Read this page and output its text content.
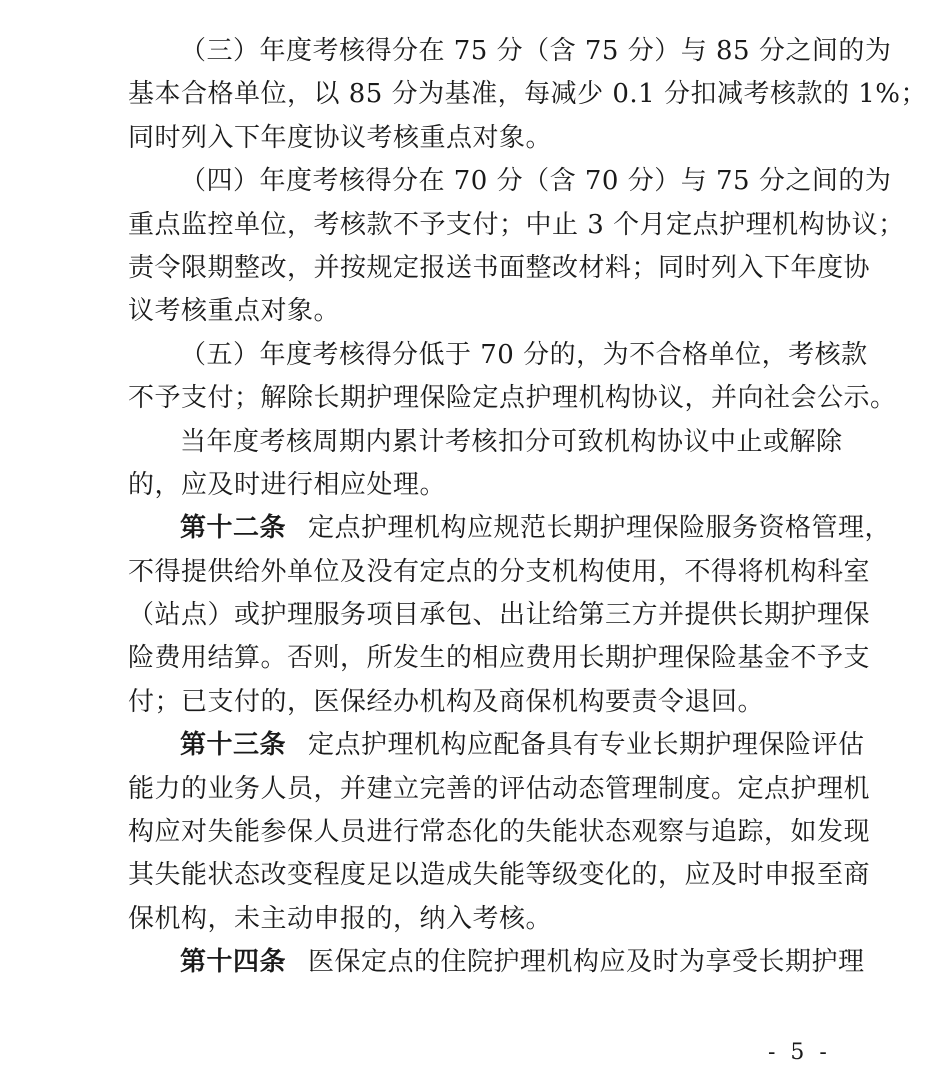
（三）年度考核得分在 75 分（含 75 分）与 85 分之间的为
基本合格单位，以 85 分为基准，每减少 0.1 分扣减考核款的 1%；
同时列入下年度协议考核重点对象。
（四）年度考核得分在 70 分（含 70 分）与 75 分之间的为
重点监控单位，考核款不予支付；中止 3 个月定点护理机构协议；
责令限期整改，并按规定报送书面整改材料；同时列入下年度协
议考核重点对象。
（五）年度考核得分低于 70 分的，为不合格单位，考核款
不予支付；解除长期护理保险定点护理机构协议，并向社会公示。
当年度考核周期内累计考核扣分可致机构协议中止或解除
的，应及时进行相应处理。
第十二条 定点护理机构应规范长期护理保险服务资格管理，
不得提供给外单位及没有定点的分支机构使用，不得将机构科室
（站点）或护理服务项目承包、出让给第三方并提供长期护理保
险费用结算。否则，所发生的相应费用长期护理保险基金不予支
付；已支付的，医保经办机构及商保机构要责令退回。
第十三条 定点护理机构应配备具有专业长期护理保险评估
能力的业务人员，并建立完善的评估动态管理制度。定点护理机
构应对失能参保人员进行常态化的失能状态观察与追踪，如发现
其失能状态改变程度足以造成失能等级变化的，应及时申报至商
保机构，未主动申报的，纳入考核。
第十四条 医保定点的住院护理机构应及时为享受长期护理
- 5 -
